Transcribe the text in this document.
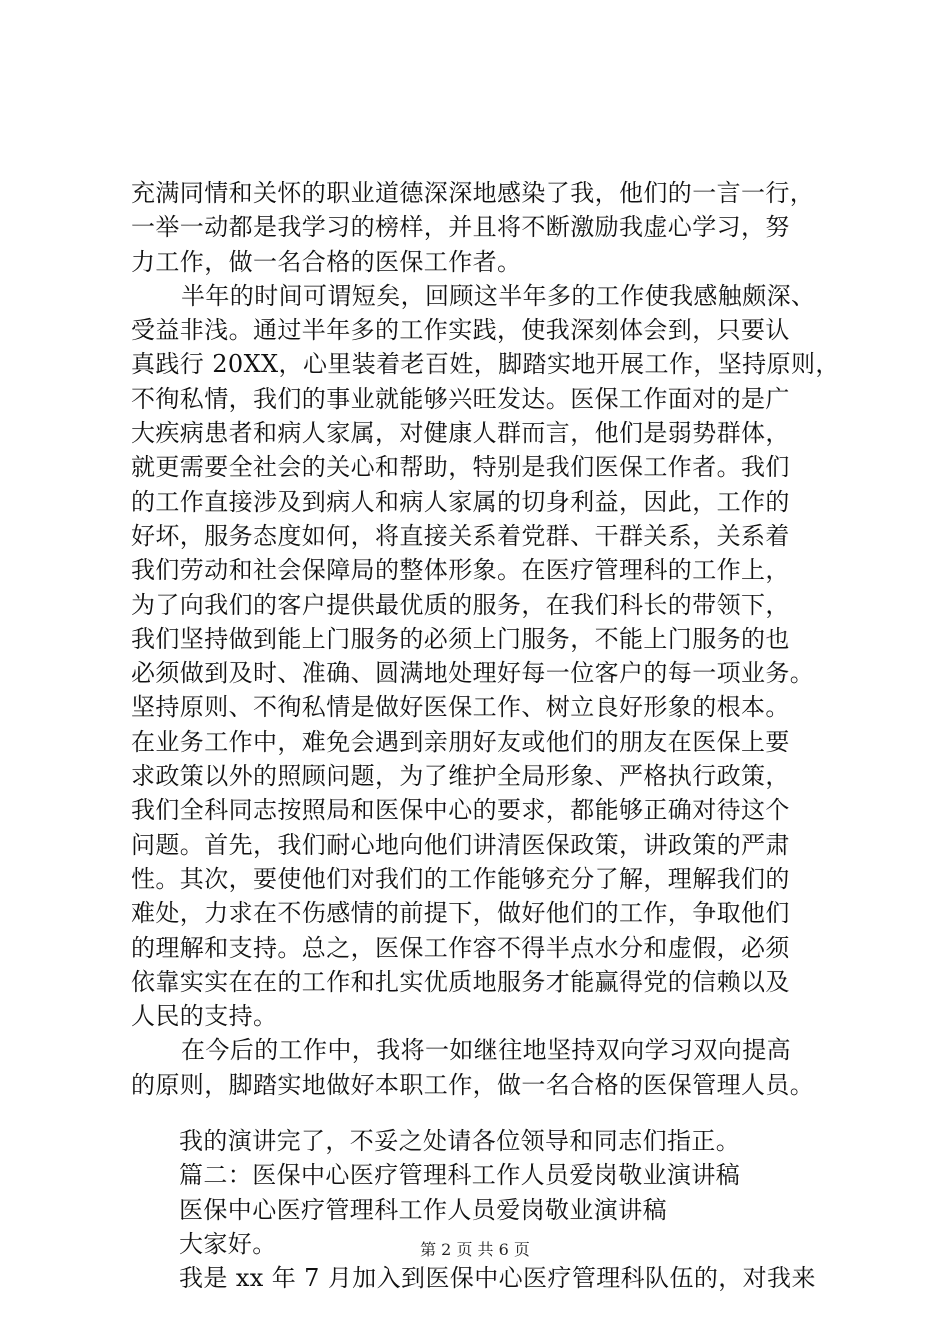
充满同情和关怀的职业道德深深地感染了我，他们的一言一行，
一举一动都是我学习的榜样，并且将不断激励我虚心学习，努
力工作，做一名合格的医保工作者。
半年的时间可谓短矣，回顾这半年多的工作使我感触颇深、
受益非浅。通过半年多的工作实践，使我深刻体会到，只要认
真践行 20XX，心里装着老百姓，脚踏实地开展工作，坚持原则，
不徇私情，我们的事业就能够兴旺发达。医保工作面对的是广
大疾病患者和病人家属，对健康人群而言，他们是弱势群体，
就更需要全社会的关心和帮助，特别是我们医保工作者。我们
的工作直接涉及到病人和病人家属的切身利益，因此，工作的
好坏，服务态度如何，将直接关系着党群、干群关系，关系着
我们劳动和社会保障局的整体形象。在医疗管理科的工作上，
为了向我们的客户提供最优质的服务，在我们科长的带领下，
我们坚持做到能上门服务的必须上门服务，不能上门服务的也
必须做到及时、准确、圆满地处理好每一位客户的每一项业务。
坚持原则、不徇私情是做好医保工作、树立良好形象的根本。
在业务工作中，难免会遇到亲朋好友或他们的朋友在医保上要
求政策以外的照顾问题，为了维护全局形象、严格执行政策，
我们全科同志按照局和医保中心的要求，都能够正确对待这个
问题。首先，我们耐心地向他们讲清医保政策，讲政策的严肃
性。其次，要使他们对我们的工作能够充分了解，理解我们的
难处，力求在不伤感情的前提下，做好他们的工作，争取他们
的理解和支持。总之，医保工作容不得半点水分和虚假，必须
依靠实实在在的工作和扎实优质地服务才能赢得党的信赖以及
人民的支持。
在今后的工作中，我将一如继往地坚持双向学习双向提高
的原则，脚踏实地做好本职工作，做一名合格的医保管理人员。
我的演讲完了，不妥之处请各位领导和同志们指正。
篇二：医保中心医疗管理科工作人员爱岗敬业演讲稿
医保中心医疗管理科工作人员爱岗敬业演讲稿
大家好。
我是 xx 年 7 月加入到医保中心医疗管理科队伍的，对我来
第 2 页 共 6 页
